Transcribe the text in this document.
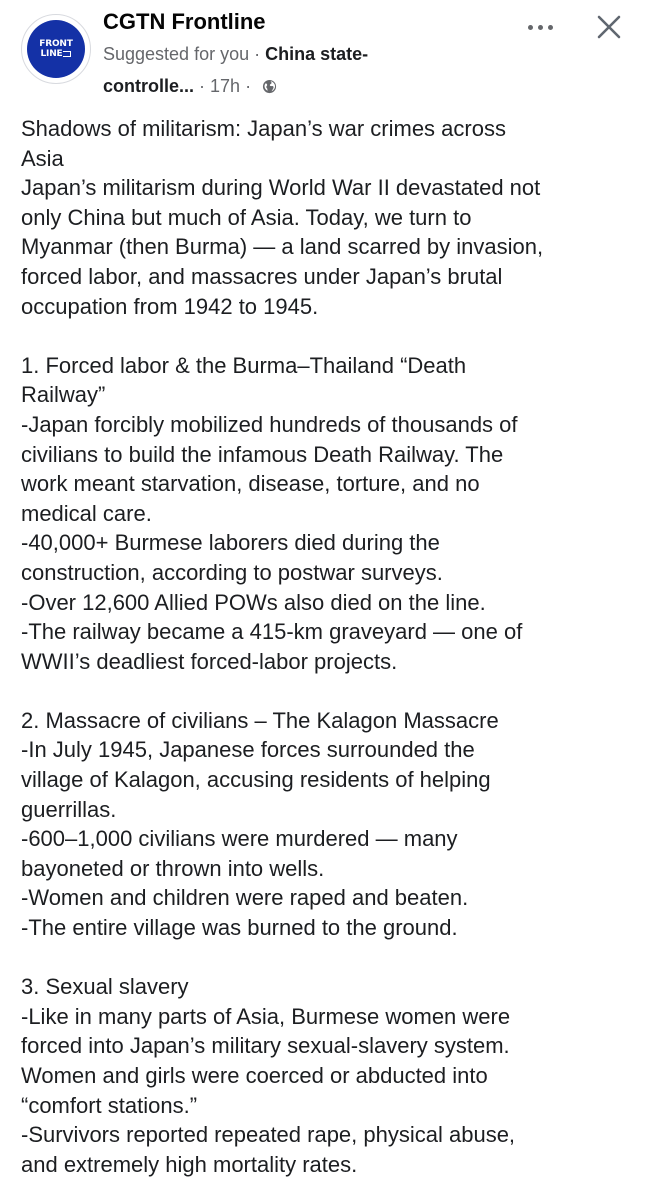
FRONT
LINE
CGTN Frontline
Suggested for you · China state-
controlle... · 17h ·

Shadows of militarism: Japan’s war crimes across

Asia

Japan’s militarism during World War II devastated not

only China but much of Asia. Today, we turn to

Myanmar (then Burma) — a land scarred by invasion,

forced labor, and massacres under Japan’s brutal

occupation from 1942 to 1945.

1. Forced labor & the Burma–Thailand “Death

Railway”

-Japan forcibly mobilized hundreds of thousands of

civilians to build the infamous Death Railway. The

work meant starvation, disease, torture, and no

medical care.

-40,000+ Burmese laborers died during the

construction, according to postwar surveys.

-Over 12,600 Allied POWs also died on the line.

-The railway became a 415-km graveyard — one of

WWII’s deadliest forced-labor projects.

2. Massacre of civilians – The Kalagon Massacre

-In July 1945, Japanese forces surrounded the

village of Kalagon, accusing residents of helping

guerrillas.

-600–1,000 civilians were murdered — many

bayoneted or thrown into wells.

-Women and children were raped and beaten.

-The entire village was burned to the ground.

3. Sexual slavery

-Like in many parts of Asia, Burmese women were

forced into Japan’s military sexual-slavery system.

Women and girls were coerced or abducted into

“comfort stations.”

-Survivors reported repeated rape, physical abuse,

and extremely high mortality rates.
